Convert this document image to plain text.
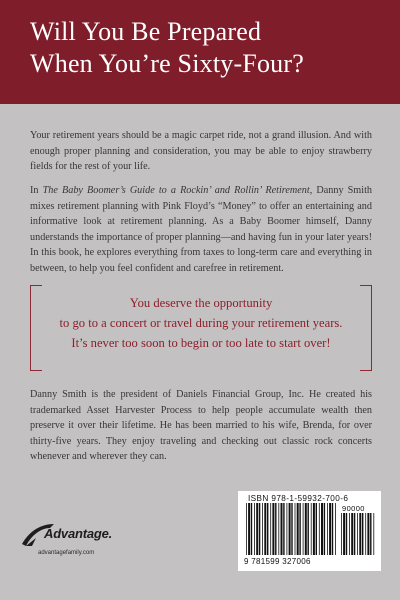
Will You Be Prepared
When You’re Sixty-Four?

Your retirement years should be a magic carpet ride, not a grand illusion. And with enough proper planning and consideration, you may be able to enjoy strawberry fields for the rest of your life.

In The Baby Boomer’s Guide to a Rockin’ and Rollin’ Retirement, Danny Smith mixes retirement planning with Pink Floyd’s “Money” to offer an entertaining and informative look at retirement planning. As a Baby Boomer himself, Danny understands the importance of proper planning—and having fun in your later years! In this book, he explores everything from taxes to long-term care and everything in between, to help you feel confident and carefree in retirement.

You deserve the opportunity
to go to a concert or travel during your retirement years.
It’s never too soon to begin or too late to start over!

Danny Smith is the president of Daniels Financial Group, Inc. He created his trademarked Asset Harvester Process to help people accumulate wealth then preserve it over their lifetime. He has been married to his wife, Brenda, for over thirty-five years. They enjoy traveling and checking out classic rock concerts whenever and wherever they can.

Advantage.
advantagefamily.com
ISBN 978-1-59932-700-6
90000
9 781599 327006
